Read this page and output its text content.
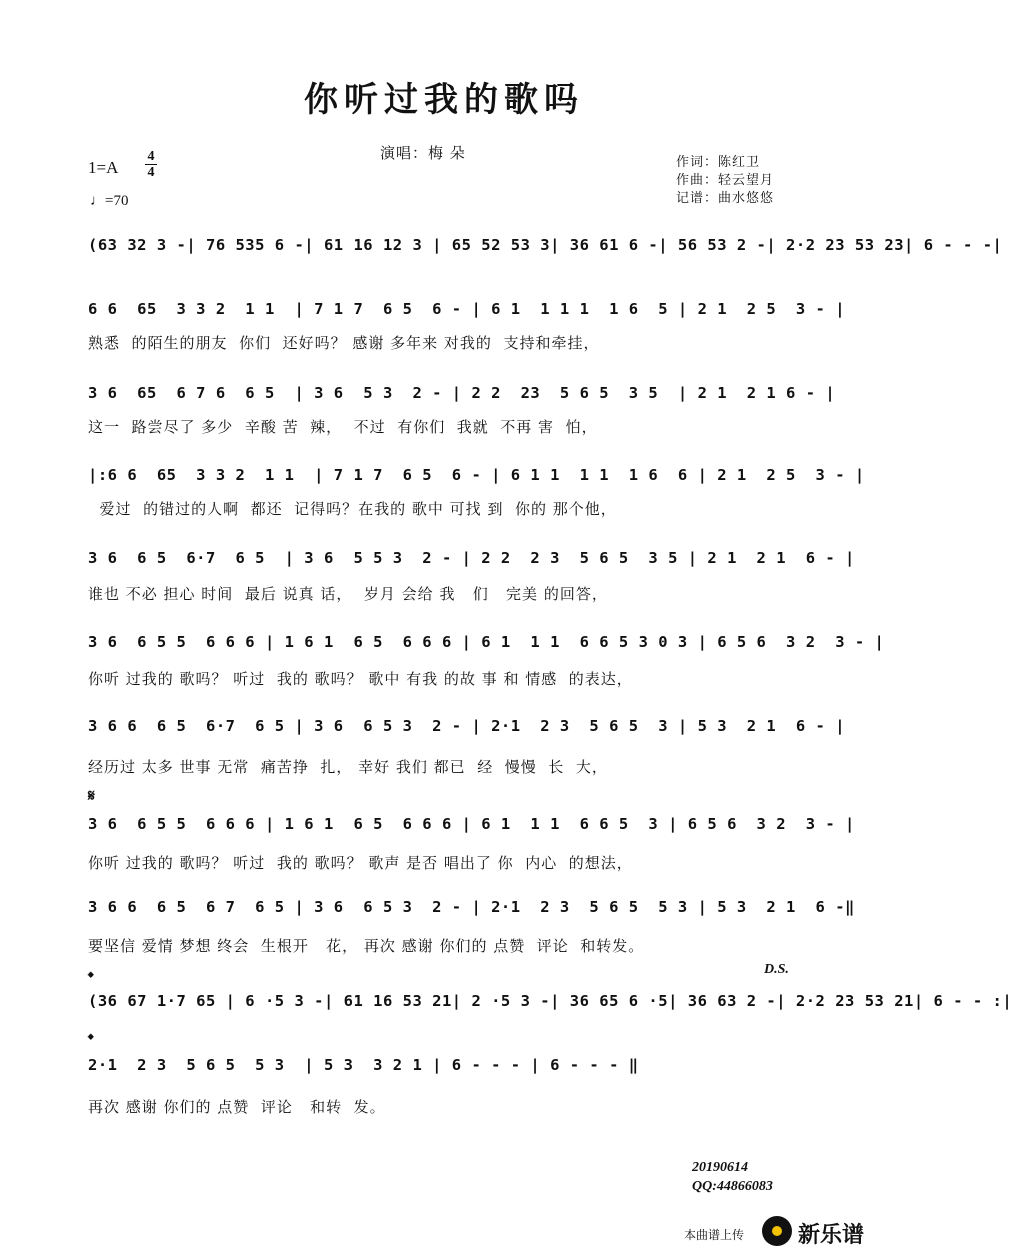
你听过我的歌吗
演唱：梅 朵
1=A
4
4
♩=70
作词：陈红卫
作曲：轻云望月
记谱：曲水悠悠
(63 32 3 -| 76 535 6 -| 61 16 12 3 | 65 52 53 3| 36 61 6 -| 56 53 2 -| 2·2 23 53 23| 6 - - -|
6 6  65  3 3 2  1 1  | 7 1 7  6 5  6 - | 6 1  1 1 1  1 6  5 | 2 1  2 5  3 - |
熟悉  的陌生的朋友  你们  还好吗？ 感谢 多年来 对我的  支持和牵挂，
3 6  65  6 7 6  6 5  | 3 6  5 3  2 - | 2 2  23  5 6 5  3 5  | 2 1  2 1 6 - |
这一  路尝尽了 多少  辛酸 苦  辣，  不过  有你们  我就  不再 害  怕，
|:6 6  65  3 3 2  1 1  | 7 1 7  6 5  6 - | 6 1 1  1 1  1 6  6 | 2 1  2 5  3 - |
爱过  的错过的人啊  都还  记得吗？在我的 歌中 可找 到  你的 那个他，
3 6  6 5  6·7  6 5  | 3 6  5 5 3  2 - | 2 2  2 3  5 6 5  3 5 | 2 1  2 1  6 - |
谁也 不必 担心 时间  最后 说真 话，  岁月 会给 我   们   完美 的回答，
3 6  6 5 5  6 6 6 | 1 6 1  6 5  6 6 6 | 6 1  1 1  6 6 5 3 0 3 | 6 5 6  3 2  3 - |
你听 过我的 歌吗？ 听过  我的 歌吗？ 歌中 有我 的故 事 和 情感  的表达，
3 6 6  6 5  6·7  6 5 | 3 6  6 5 3  2 - | 2·1  2 3  5 6 5  3 | 5 3  2 1  6 - |
经历过 太多 世事 无常  痛苦挣  扎， 幸好 我们 都已  经  慢慢  长  大，
𝄋
3 6  6 5 5  6 6 6 | 1 6 1  6 5  6 6 6 | 6 1  1 1  6 6 5  3 | 6 5 6  3 2  3 - |
你听 过我的 歌吗？ 听过  我的 歌吗？ 歌声 是否 唱出了 你  内心  的想法，
3 6 6  6 5  6 7  6 5 | 3 6  6 5 3  2 - | 2·1  2 3  5 6 5  5 3 | 5 3  2 1  6 -‖
要坚信 爱情 梦想 终会  生根开   花， 再次 感谢 你们的 点赞  评论  和转发。
D.S.
𝄌
(36 67 1·7 65 | 6 ·5 3 -| 61 16 53 21| 2 ·5 3 -| 36 65 6 ·5| 36 63 2 -| 2·2 23 53 21| 6 - - :|
𝄌
2·1  2 3  5 6 5  5 3  | 5 3  3 2 1 | 6 - - - | 6 - - - ‖
再次 感谢 你们的 点赞  评论   和转  发。
20190614
QQ:44866083
本曲谱上传 新乐谱
